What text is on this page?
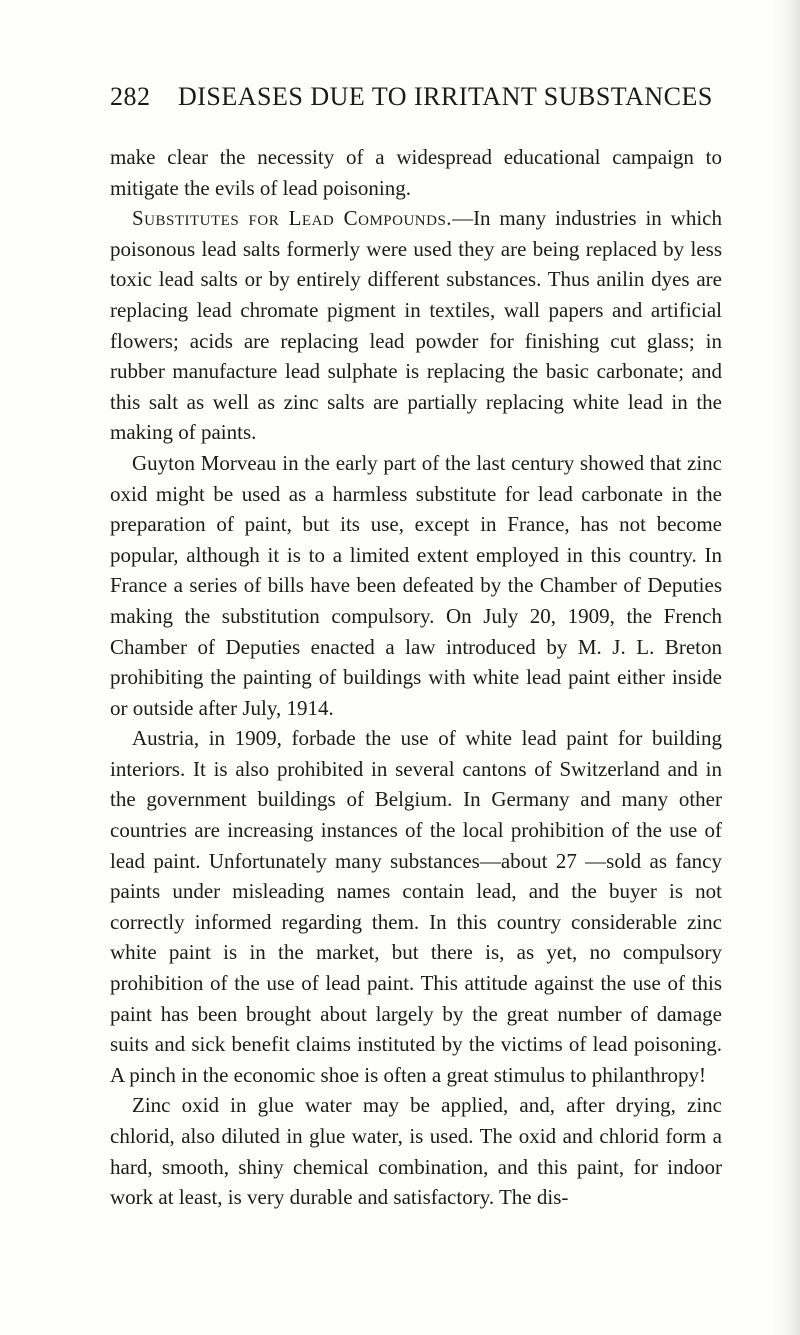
282 DISEASES DUE TO IRRITANT SUBSTANCES

make clear the necessity of a widespread educational campaign to mitigate the evils of lead poisoning.

Substitutes for Lead Compounds.—In many industries in which poisonous lead salts formerly were used they are being replaced by less toxic lead salts or by entirely different substances. Thus anilin dyes are replacing lead chromate pigment in textiles, wall papers and artificial flowers; acids are replacing lead powder for finishing cut glass; in rubber manufacture lead sulphate is replacing the basic carbonate; and this salt as well as zinc salts are partially replacing white lead in the making of paints.

Guyton Morveau in the early part of the last century showed that zinc oxid might be used as a harmless substitute for lead carbonate in the preparation of paint, but its use, except in France, has not become popular, although it is to a limited extent employed in this country. In France a series of bills have been defeated by the Chamber of Deputies making the substitution compulsory. On July 20, 1909, the French Chamber of Deputies enacted a law introduced by M. J. L. Breton prohibiting the painting of buildings with white lead paint either inside or outside after July, 1914.

Austria, in 1909, forbade the use of white lead paint for building interiors. It is also prohibited in several cantons of Switzerland and in the government buildings of Belgium. In Germany and many other countries are increasing instances of the local prohibition of the use of lead paint. Unfortunately many substances—about 27 —sold as fancy paints under misleading names contain lead, and the buyer is not correctly informed regarding them. In this country considerable zinc white paint is in the market, but there is, as yet, no compulsory prohibition of the use of lead paint. This attitude against the use of this paint has been brought about largely by the great number of damage suits and sick benefit claims instituted by the victims of lead poisoning. A pinch in the economic shoe is often a great stimulus to philanthropy!

Zinc oxid in glue water may be applied, and, after drying, zinc chlorid, also diluted in glue water, is used. The oxid and chlorid form a hard, smooth, shiny chemical combination, and this paint, for indoor work at least, is very durable and satisfactory. The dis-
